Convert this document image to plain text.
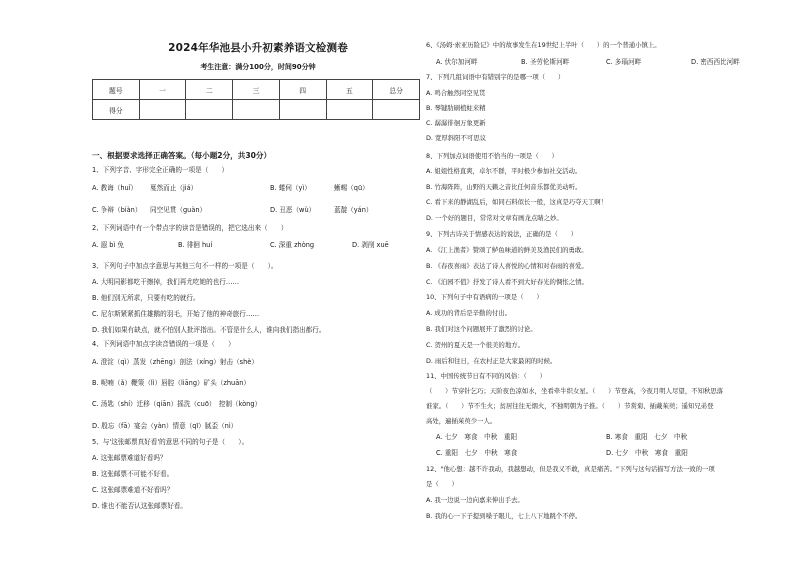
2024年华池县小升初素养语文检测卷
考生注意：满分100分，时间90分钟
题号	一	二	三	四	五	总分
得分						
一、根据要求选择正确答案。（每小题2分，共30分）
1、下列字音、字形完全正确的一项是（　　）
A. 教诲（huǐ） 戛然而止（jiá）	B. 蜷伺（yì）	蜥蜴（qū）
C. 争辩（biàn） 同空见贯（guàn）	D. 丑恶（wù）	蓝靛（yán）
2、下列词语中有一个带点字的读音是错误的，把它选出来（　　）
A. 遐 bì 免	B. 徘徊 huí	C. 深重 zhòng	D. 剥削 xuē
3、下列句子中加点字意思与其他三句不一样的一项是（　　）。
A. 大明同影都吃干擦掉，我们再尤吃她的也行……
B. 他们别无所求，只要有吃的就行。
C. 尼尔斯紧紧抓住雄鹅的羽毛，开始了他的神奇旅行……
D. 我们如果有缺点，就不怕别人批评指出。不管是什么人，谁向我们指出都行。
4、下列词语中加点字读音错误的一项是（　　）
A. 澄淀（qì）蒸发（zhēng）剖法（xíng）射击（shè）
B. 呢喃（ǎ）鞭策（lì）唇腔（liāng）矿头（zhuān）
C. 汤匙（shí）迁移（qiān）摇洗（cuō）　控制（kòng）
D. 殷忘（fā）宴会（yàn）情意（qī）腻歪（nì）
5、与'这张邮票真好看'的意思不同的句子是（　　）。
A. 这张邮票难道好看吗？
B. 这张邮票不可能不好看。
C. 这张邮票难道不好看吗？
D. 谁也不能否认这张邮票好看。
6、《汤姆·索亚历险记》中的故事发生在19世纪上半叶（　　）的一个普通小镇上。
A. 伏尔加河畔	B. 圣劳伦斯河畔	C. 多瑙河畔	D. 密西西比河畔
7、下列几组词语中有错别字的是哪一项（　　）
A. 鸣合触然同空见贯
B. 琴键肋刷植蛀来精
C. 潺潺徘徊万象更新
D. 宽厚斜阳不可思议
8、下列加点词语使用不恰当的一项是（　　）
A. 姐姐性格直爽，卓尔不群，平时极少参加社交活动。
B. 竹海阵阵，山野的天籁之音比任何音乐都优美动听。
C. 看下来的静湖乱后，如同石料似长一般，这真是巧夺天工啊！
D. 一个好的题目，常常对文章有画龙点睛之妙。
9、下列古诗关于情感表达的说法，正确的是（　　）
A. 《江上渔者》赞颂了鲈鱼味道的鲜美及渔民们的勇敢。
B. 《春夜喜雨》表达了诗人喜悦的心情和对春雨的喜爱。
C. 《泊园不值》抒发了诗人看不到大好春光的惆怅之情。
10、下列句子中有语病的一项是（　　）
A. 成功的背后是辛勤的付出。
B. 我们对这个问题展开了激烈的讨论。
C. 贺州的夏天是一个很美的地方。
D. 雨后和往日，在农村正是大家最闲的时候。
11、中国传统节日有不同的风俗：（　　）
（　　）节穿针乞巧；天阶夜色凉如水，坐看牵牛织女星。（　　）节登高，今夜月明人尽望，不知秋思落
谁家。（　　）节不生火；贫居往往无烟火，不独明朝为子推。（　　）节赏菊、插戴茱萸；遥知兄弟登
高处，遍插茱萸少一人。
A. 七夕　寒食　中秋　重阳	B. 寒食　重阳　七夕　中秋
C. 重阳　七夕　中秋　寒食	D. 七夕　中秋　寒食　重阳
12、"他心想：越不许我动，我越想动，但是我又不敢，真是痛苦。"下列与这句话描写方法一致的一项
是（　　）
A. 我一边说一边向嘉来伸出手去。
B. 我的心一下子提到嗓子眼儿，七上八下地跳个不停。
